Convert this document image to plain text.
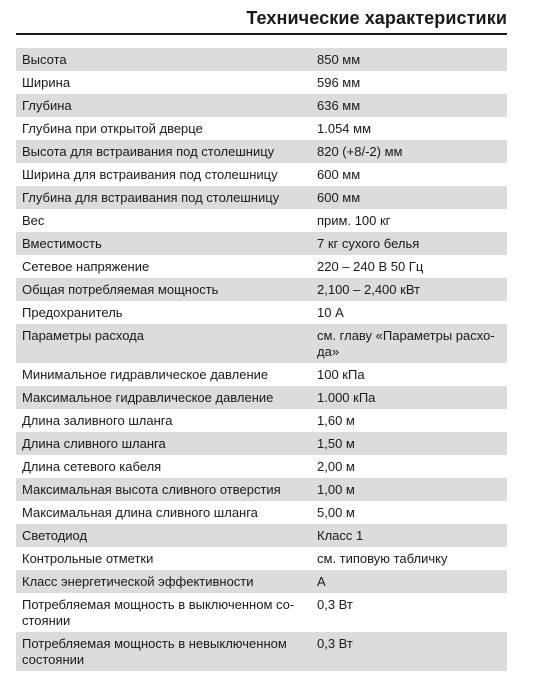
Технические характеристики
Высота	850 мм
Ширина	596 мм
Глубина	636 мм
Глубина при открытой дверце	1.054 мм
Высота для встраивания под столешницу	820 (+8/-2) мм
Ширина для встраивания под столешницу	600 мм
Глубина для встраивания под столешницу	600 мм
Вес	прим. 100 кг
Вместимость	7 кг сухого белья
Сетевое напряжение	220 – 240 В 50 Гц
Общая потребляемая мощность	2,100 – 2,400 кВт
Предохранитель	10 А
Параметры расхода	см. главу «Параметры расхо-
да»
Минимальное гидравлическое давление	100 кПа
Максимальное гидравлическое давление	1.000 кПа
Длина заливного шланга	1,60 м
Длина сливного шланга	1,50 м
Длина сетевого кабеля	2,00 м
Максимальная высота сливного отверстия	1,00 м
Максимальная длина сливного шланга	5,00 м
Светодиод	Класс 1
Контрольные отметки	см. типовую табличку
Класс энергетической эффективности	A
Потребляемая мощность в выключенном со-
стоянии	0,3 Вт
Потребляемая мощность в невыключенном
состоянии	0,3 Вт
